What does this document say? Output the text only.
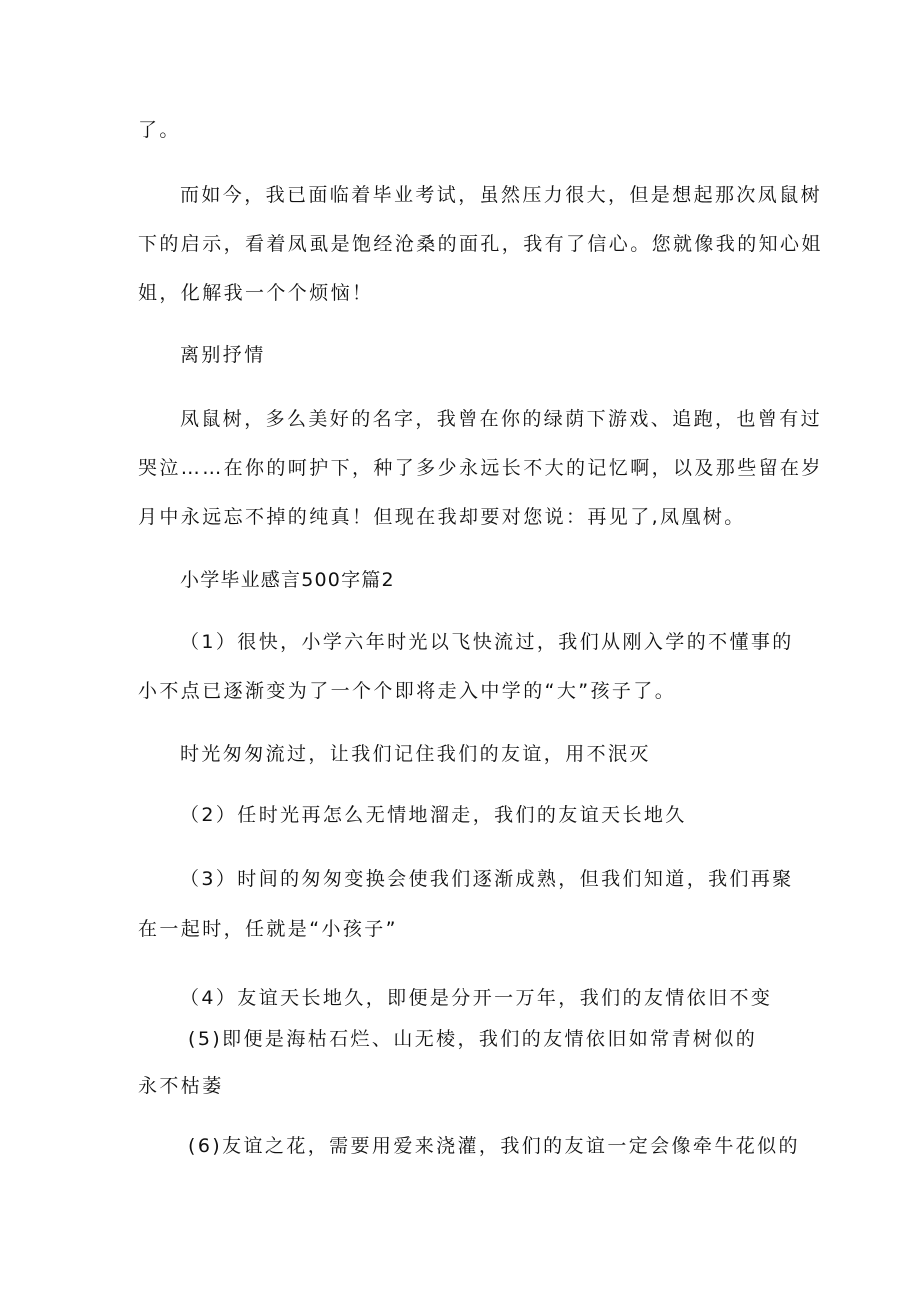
了。
而如今，我已面临着毕业考试，虽然压力很大，但是想起那次凤鼠树
下的启示，看着凤虱是饱经沧桑的面孔，我有了信心。您就像我的知心姐
姐，化解我一个个烦恼！
离别抒情
凤鼠树，多么美好的名字，我曾在你的绿荫下游戏、追跑，也曾有过
哭泣……在你的呵护下，种了多少永远长不大的记忆啊，以及那些留在岁
月中永远忘不掉的纯真！但现在我却要对您说：再见了,凤凰树。
小学毕业感言500字篇2
（1）很快，小学六年时光以飞快流过，我们从刚入学的不懂事的
小不点已逐渐变为了一个个即将走入中学的“大”孩子了。
时光匆匆流过，让我们记住我们的友谊，用不泯灭
（2）任时光再怎么无情地溜走，我们的友谊天长地久
（3）时间的匆匆变换会使我们逐渐成熟，但我们知道，我们再聚
在一起时，任就是“小孩子”
（4）友谊天长地久，即便是分开一万年，我们的友情依旧不变
(5)即便是海枯石烂、山无棱，我们的友情依旧如常青树似的
永不枯萎
(6)友谊之花，需要用爱来浇灌，我们的友谊一定会像牵牛花似的
